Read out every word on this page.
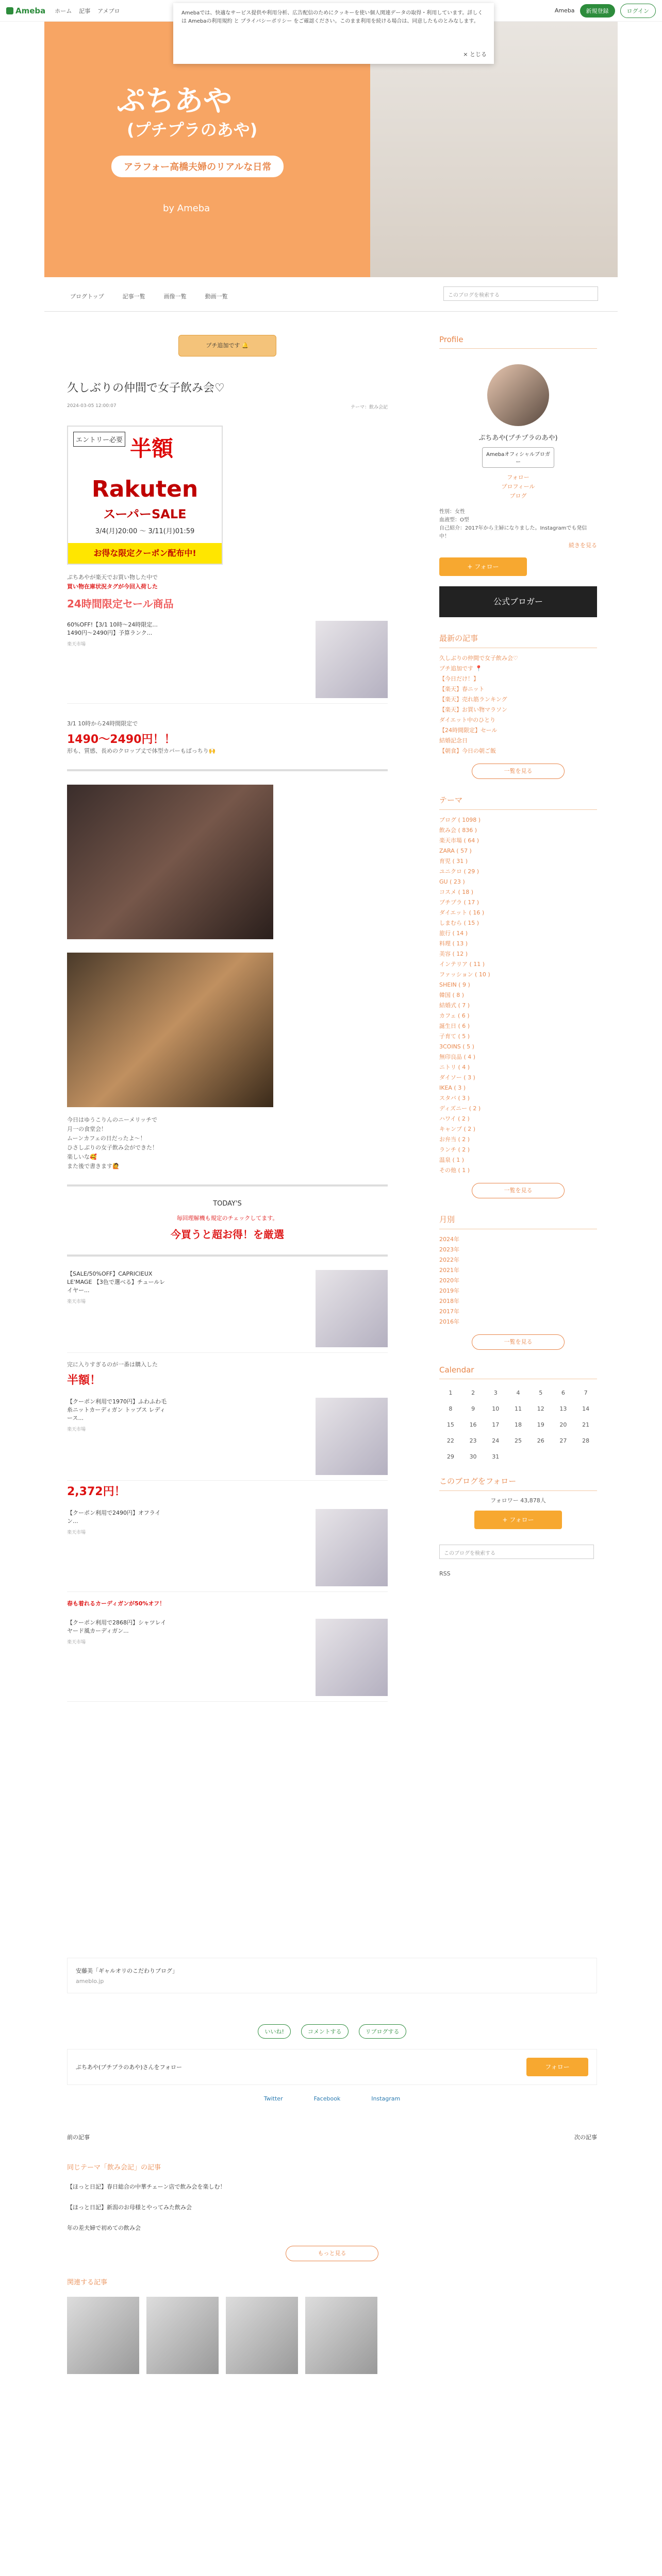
Ameba ホーム 記事 アメブロ	Ameba	新規登録	ログイン
Amebaでは、快適なサービス提供や利用分析、広告配信のためにクッキーを使い個人関連データの取得・利用しています。詳しくは Amebaの利用規約 と プライバシーポリシー をご確認ください。このまま利用を続ける場合は、同意したものとみなします。
× とじる
ぷちあや
(プチプラのあや)
アラフォー高橋夫婦のリアルな日常
by Ameba
ブログトップ	記事一覧	画像一覧	動画一覧	このブログを検索する
プチ追加です 🔔
久しぶりの仲間で女子飲み会♡
2024-03-05 12:00:07	テーマ：飲み会記
エントリー必要 半額
Rakuten
スーパーSALE
3/4(月)20:00 〜 3/11(月)01:59
お得な限定クーポン配布中!
ぷちあやが楽天でお買い物した中で
買い物在庫状況タグが今回入荷した
24時間限定セール商品
60%OFF!【3/1 10時〜24時限定... 1490円〜2490円】予算ランク...
楽天市場
3/1 10時から24時間限定で
1490〜2490円！！
形も、質感、長めのクロップ丈で体型カバーもばっちり🙌
今日はゆうこりんのニーメリッチで
月一の食堂会！
ムーンカフェの日だったよ〜！
ひさしぶりの女子飲み会ができた！
楽しいな🥰
また後で書きます🙋
TODAY'S
毎回理解機も規定のチェックしてます。
今買うと超お得！を厳選
【SALE/50%OFF】CAPRICIEUX LE'MAGE 【3色で選べる】チュールレイヤー...
楽天市場
完に入りすぎるのが一番は購入した
半額！
【クーポン利用で1970円】ふわふわ毛糸ニットカーディガン トップス レディース...
楽天市場
2,372円！
【クーポン利用で2490円】オフライン...
楽天市場
春も着れるカーディガンが50%オフ！
【クーポン利用で2868円】シャツレイヤード風カーディガン...
楽天市場
Profile
ぷちあや(プチプラのあや)
Amebaオフィシャルブロガー
フォロー
プロフィール
ブログ
性別：女性
血液型：O型
自己紹介：2017年から主婦になりました。Instagramでも発信中！
続きを見る
+ フォロー
公式ブロガー
最新の記事
久しぶりの仲間で女子飲み会♡
プチ追加です 📍
【今日だけ！】
【楽天】春ニット
【楽天】売れ筋ランキング
【楽天】お買い物マラソン
ダイエット中のひとり
【24時間限定】セール
結婚記念日
【朝食】今日の朝ご飯
一覧を見る
テーマ
ブログ ( 1098 )
飲み会 ( 836 )
楽天市場 ( 64 )
ZARA ( 57 )
育児 ( 31 )
ユニクロ ( 29 )
GU ( 23 )
コスメ ( 18 )
プチプラ ( 17 )
ダイエット ( 16 )
しまむら ( 15 )
旅行 ( 14 )
料理 ( 13 )
美容 ( 12 )
インテリア ( 11 )
ファッション ( 10 )
SHEIN ( 9 )
韓国 ( 8 )
結婚式 ( 7 )
カフェ ( 6 )
誕生日 ( 6 )
子育て ( 5 )
3COINS ( 5 )
無印良品 ( 4 )
ニトリ ( 4 )
ダイソー ( 3 )
IKEA ( 3 )
スタバ ( 3 )
ディズニー ( 2 )
ハワイ ( 2 )
キャンプ ( 2 )
お弁当 ( 2 )
ランチ ( 2 )
温泉 ( 1 )
その他 ( 1 )
一覧を見る
月別
2024年
2023年
2022年
2021年
2020年
2019年
2018年
2017年
2016年
一覧を見る
Calendar
1	2	3	4	5	6	7
8	9	10	11	12	13	14
15	16	17	18	19	20	21
22	23	24	25	26	27	28
29	30	31
このブログをフォロー
フォロワー 43,878人
+ フォロー
このブログを検索する
RSS
安藤美「ギャルオリのこだわりブログ」
ameblo.jp
いいね!	コメントする	リブログする
ぷちあや(プチプラのあや)さんをフォロー	フォロー
Twitter	Facebook	Instagram
前の記事	次の記事
同じテーマ「飲み会記」の記事
【ほっと日記】春日総合の中華チェーン店で飲み会を楽しむ！
【ほっと日記】新潟のお母様とやってみた飲み会
年の差夫婦で初めての飲み会
もっと見る
関連する記事
